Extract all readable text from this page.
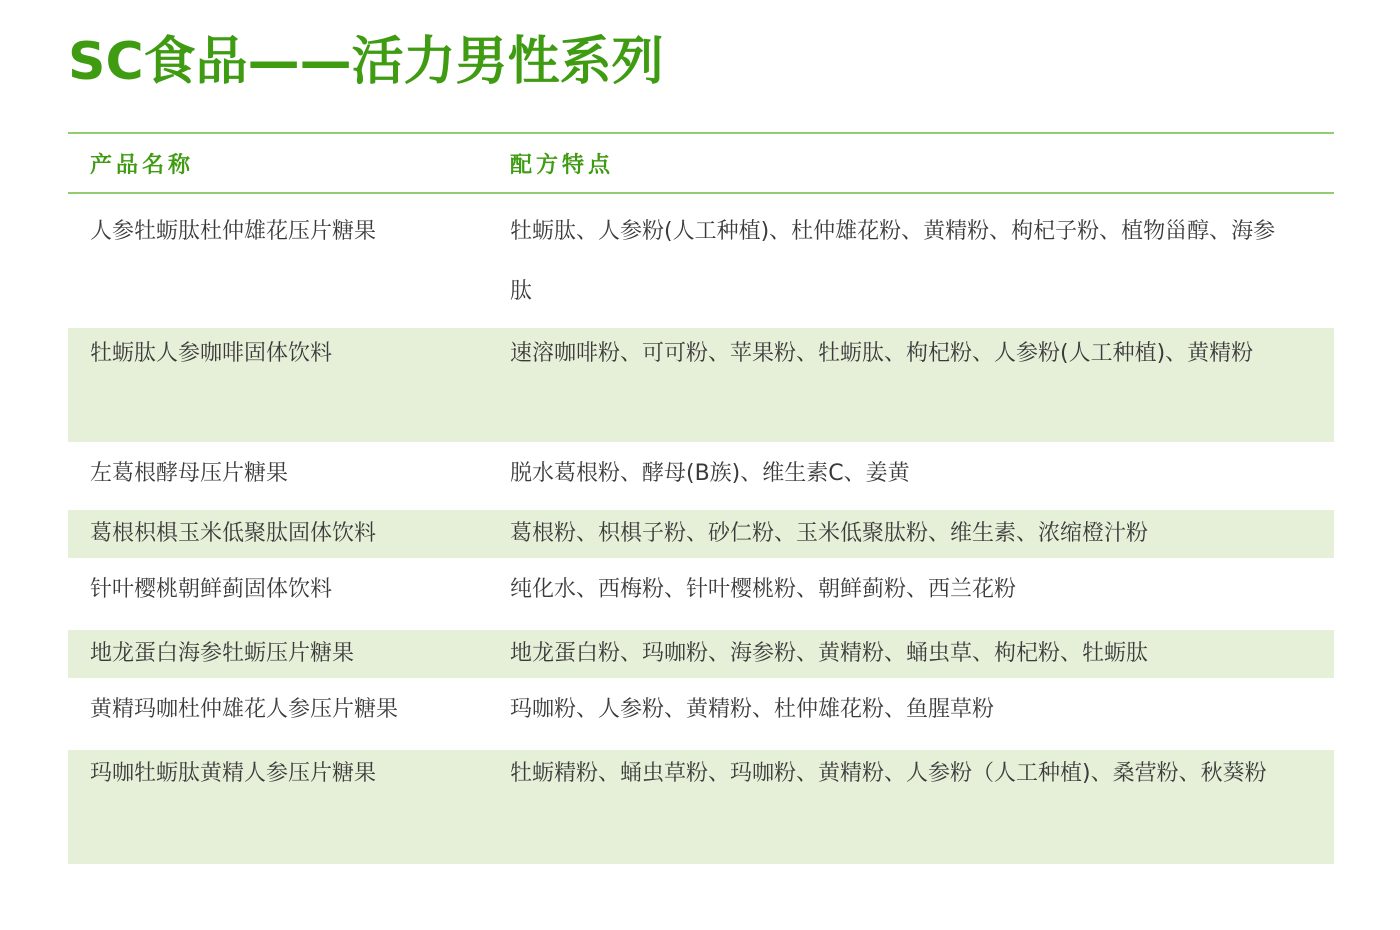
SC食品——活力男性系列
产品名称	配方特点
人参牡蛎肽杜仲雄花压片糖果	牡蛎肽、人参粉(人工种植)、杜仲雄花粉、黄精粉、枸杞子粉、植物甾醇、海参肽
牡蛎肽人参咖啡固体饮料	速溶咖啡粉、可可粉、苹果粉、牡蛎肽、枸杞粉、人参粉(人工种植)、黄精粉
左葛根酵母压片糖果	脱水葛根粉、酵母(B族)、维生素C、姜黄
葛根枳椇玉米低聚肽固体饮料	葛根粉、枳椇子粉、砂仁粉、玉米低聚肽粉、维生素、浓缩橙汁粉
针叶樱桃朝鲜蓟固体饮料	纯化水、西梅粉、针叶樱桃粉、朝鲜蓟粉、西兰花粉
地龙蛋白海参牡蛎压片糖果	地龙蛋白粉、玛咖粉、海参粉、黄精粉、蛹虫草、枸杞粉、牡蛎肽
黄精玛咖杜仲雄花人参压片糖果	玛咖粉、人参粉、黄精粉、杜仲雄花粉、鱼腥草粉
玛咖牡蛎肽黄精人参压片糖果	牡蛎精粉、蛹虫草粉、玛咖粉、黄精粉、人参粉（人工种植)、桑营粉、秋葵粉
